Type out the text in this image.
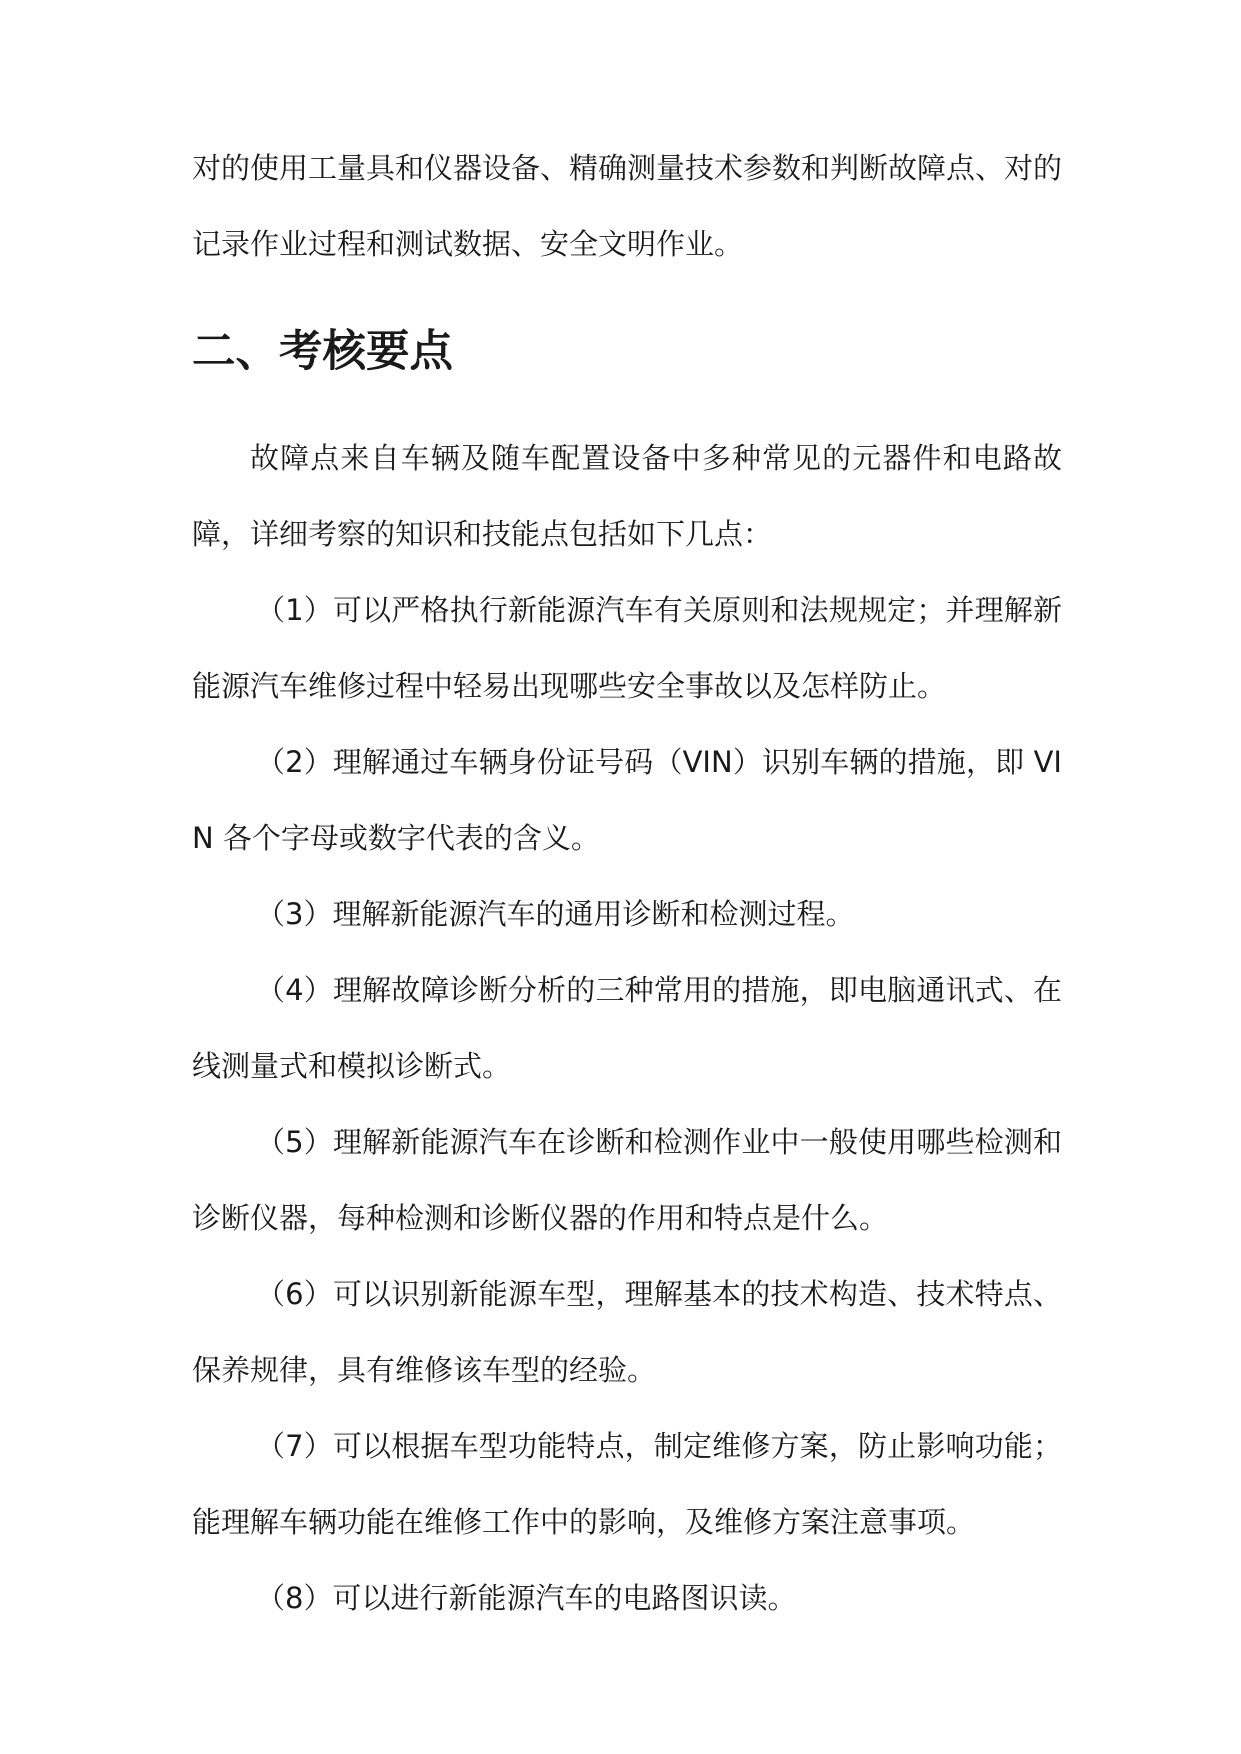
对的使用工量具和仪器设备、精确测量技术参数和判断故障点、对的
记录作业过程和测试数据、安全文明作业。

二、考核要点

故障点来自车辆及随车配置设备中多种常见的元器件和电路故障，详细考察的知识和技能点包括如下几点：

（1）可以严格执行新能源汽车有关原则和法规规定；并理解新能源汽车维修过程中轻易出现哪些安全事故以及怎样防止。

（2）理解通过车辆身份证号码（VIN）识别车辆的措施，即 VIN 各个字母或数字代表的含义。

（3）理解新能源汽车的通用诊断和检测过程。

（4）理解故障诊断分析的三种常用的措施，即电脑通讯式、在线测量式和模拟诊断式。

（5）理解新能源汽车在诊断和检测作业中一般使用哪些检测和诊断仪器，每种检测和诊断仪器的作用和特点是什么。

（6）可以识别新能源车型，理解基本的技术构造、技术特点、保养规律，具有维修该车型的经验。

（7）可以根据车型功能特点，制定维修方案，防止影响功能；能理解车辆功能在维修工作中的影响，及维修方案注意事项。

（8）可以进行新能源汽车的电路图识读。
